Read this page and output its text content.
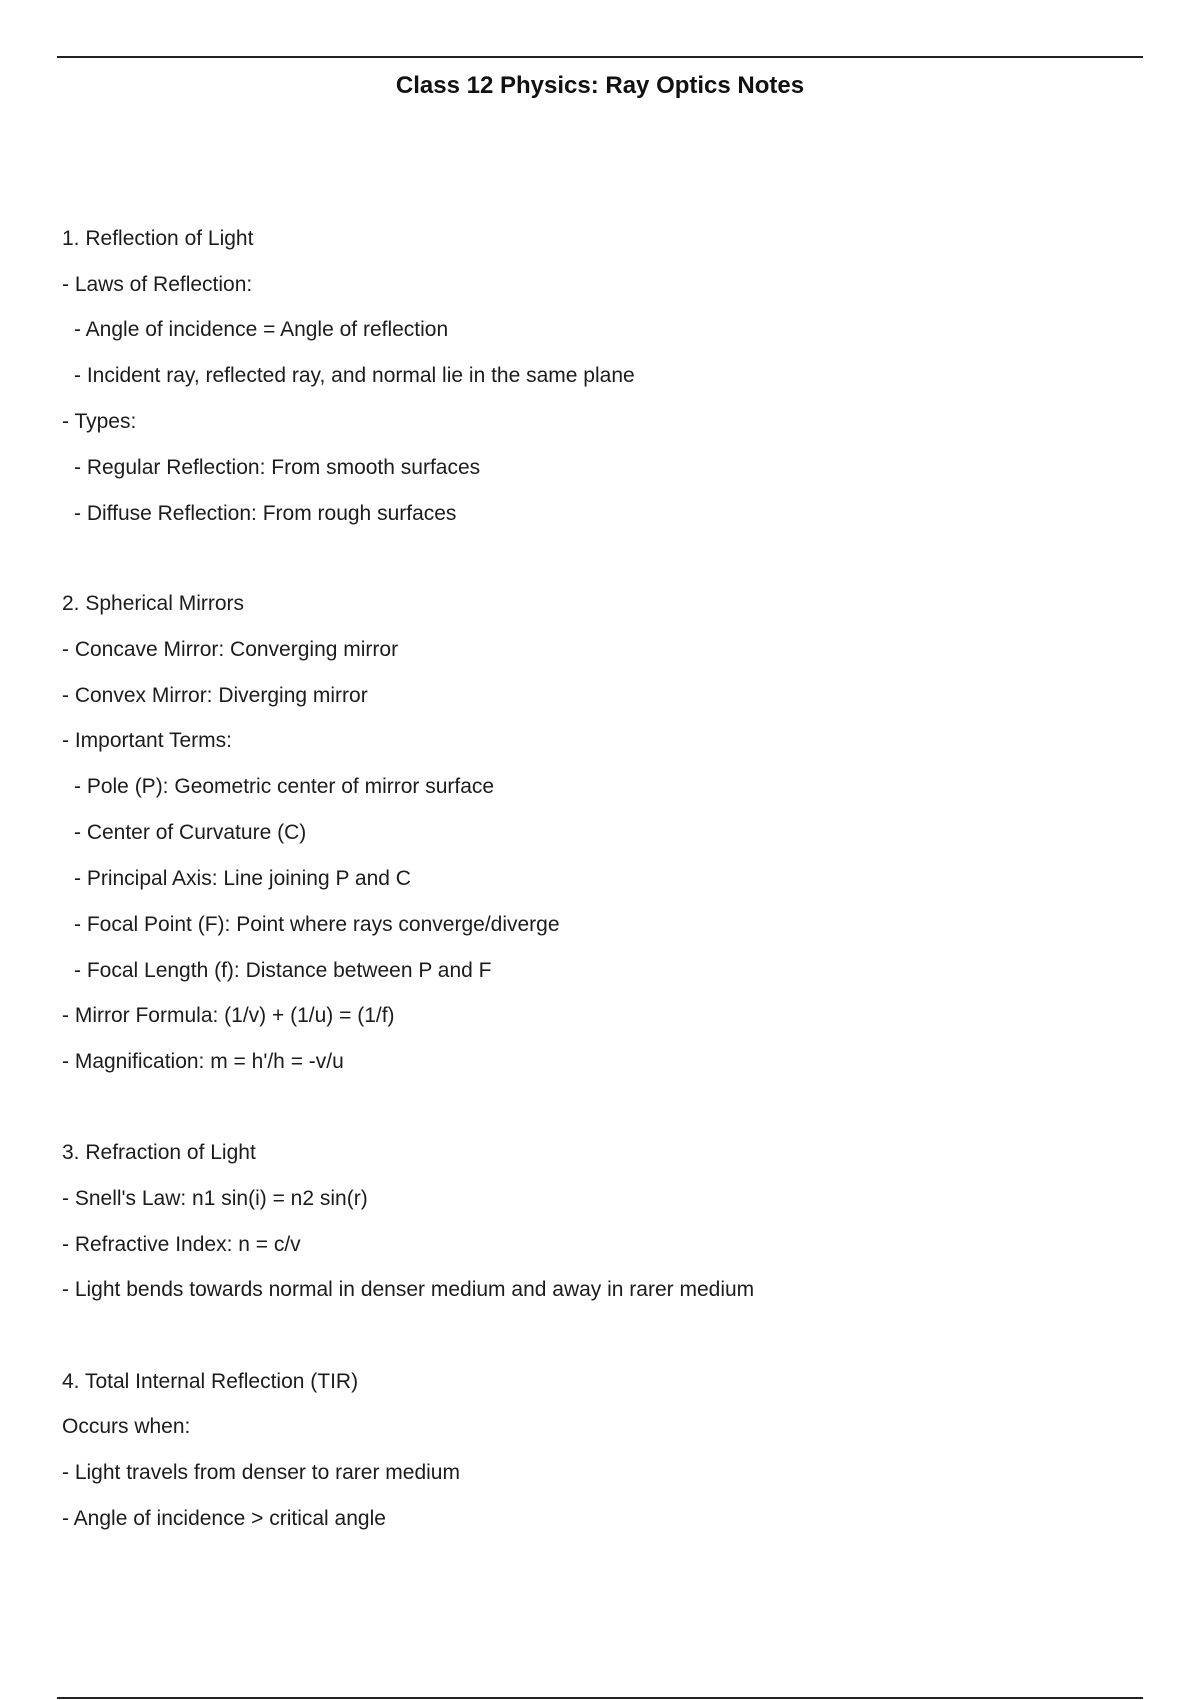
Class 12 Physics: Ray Optics Notes
1. Reflection of Light
- Laws of Reflection:
- Angle of incidence = Angle of reflection
- Incident ray, reflected ray, and normal lie in the same plane
- Types:
- Regular Reflection: From smooth surfaces
- Diffuse Reflection: From rough surfaces
2. Spherical Mirrors
- Concave Mirror: Converging mirror
- Convex Mirror: Diverging mirror
- Important Terms:
- Pole (P): Geometric center of mirror surface
- Center of Curvature (C)
- Principal Axis: Line joining P and C
- Focal Point (F): Point where rays converge/diverge
- Focal Length (f): Distance between P and F
- Mirror Formula: (1/v) + (1/u) = (1/f)
- Magnification: m = h'/h = -v/u
3. Refraction of Light
- Snell's Law: n1 sin(i) = n2 sin(r)
- Refractive Index: n = c/v
- Light bends towards normal in denser medium and away in rarer medium
4. Total Internal Reflection (TIR)
Occurs when:
- Light travels from denser to rarer medium
- Angle of incidence > critical angle
